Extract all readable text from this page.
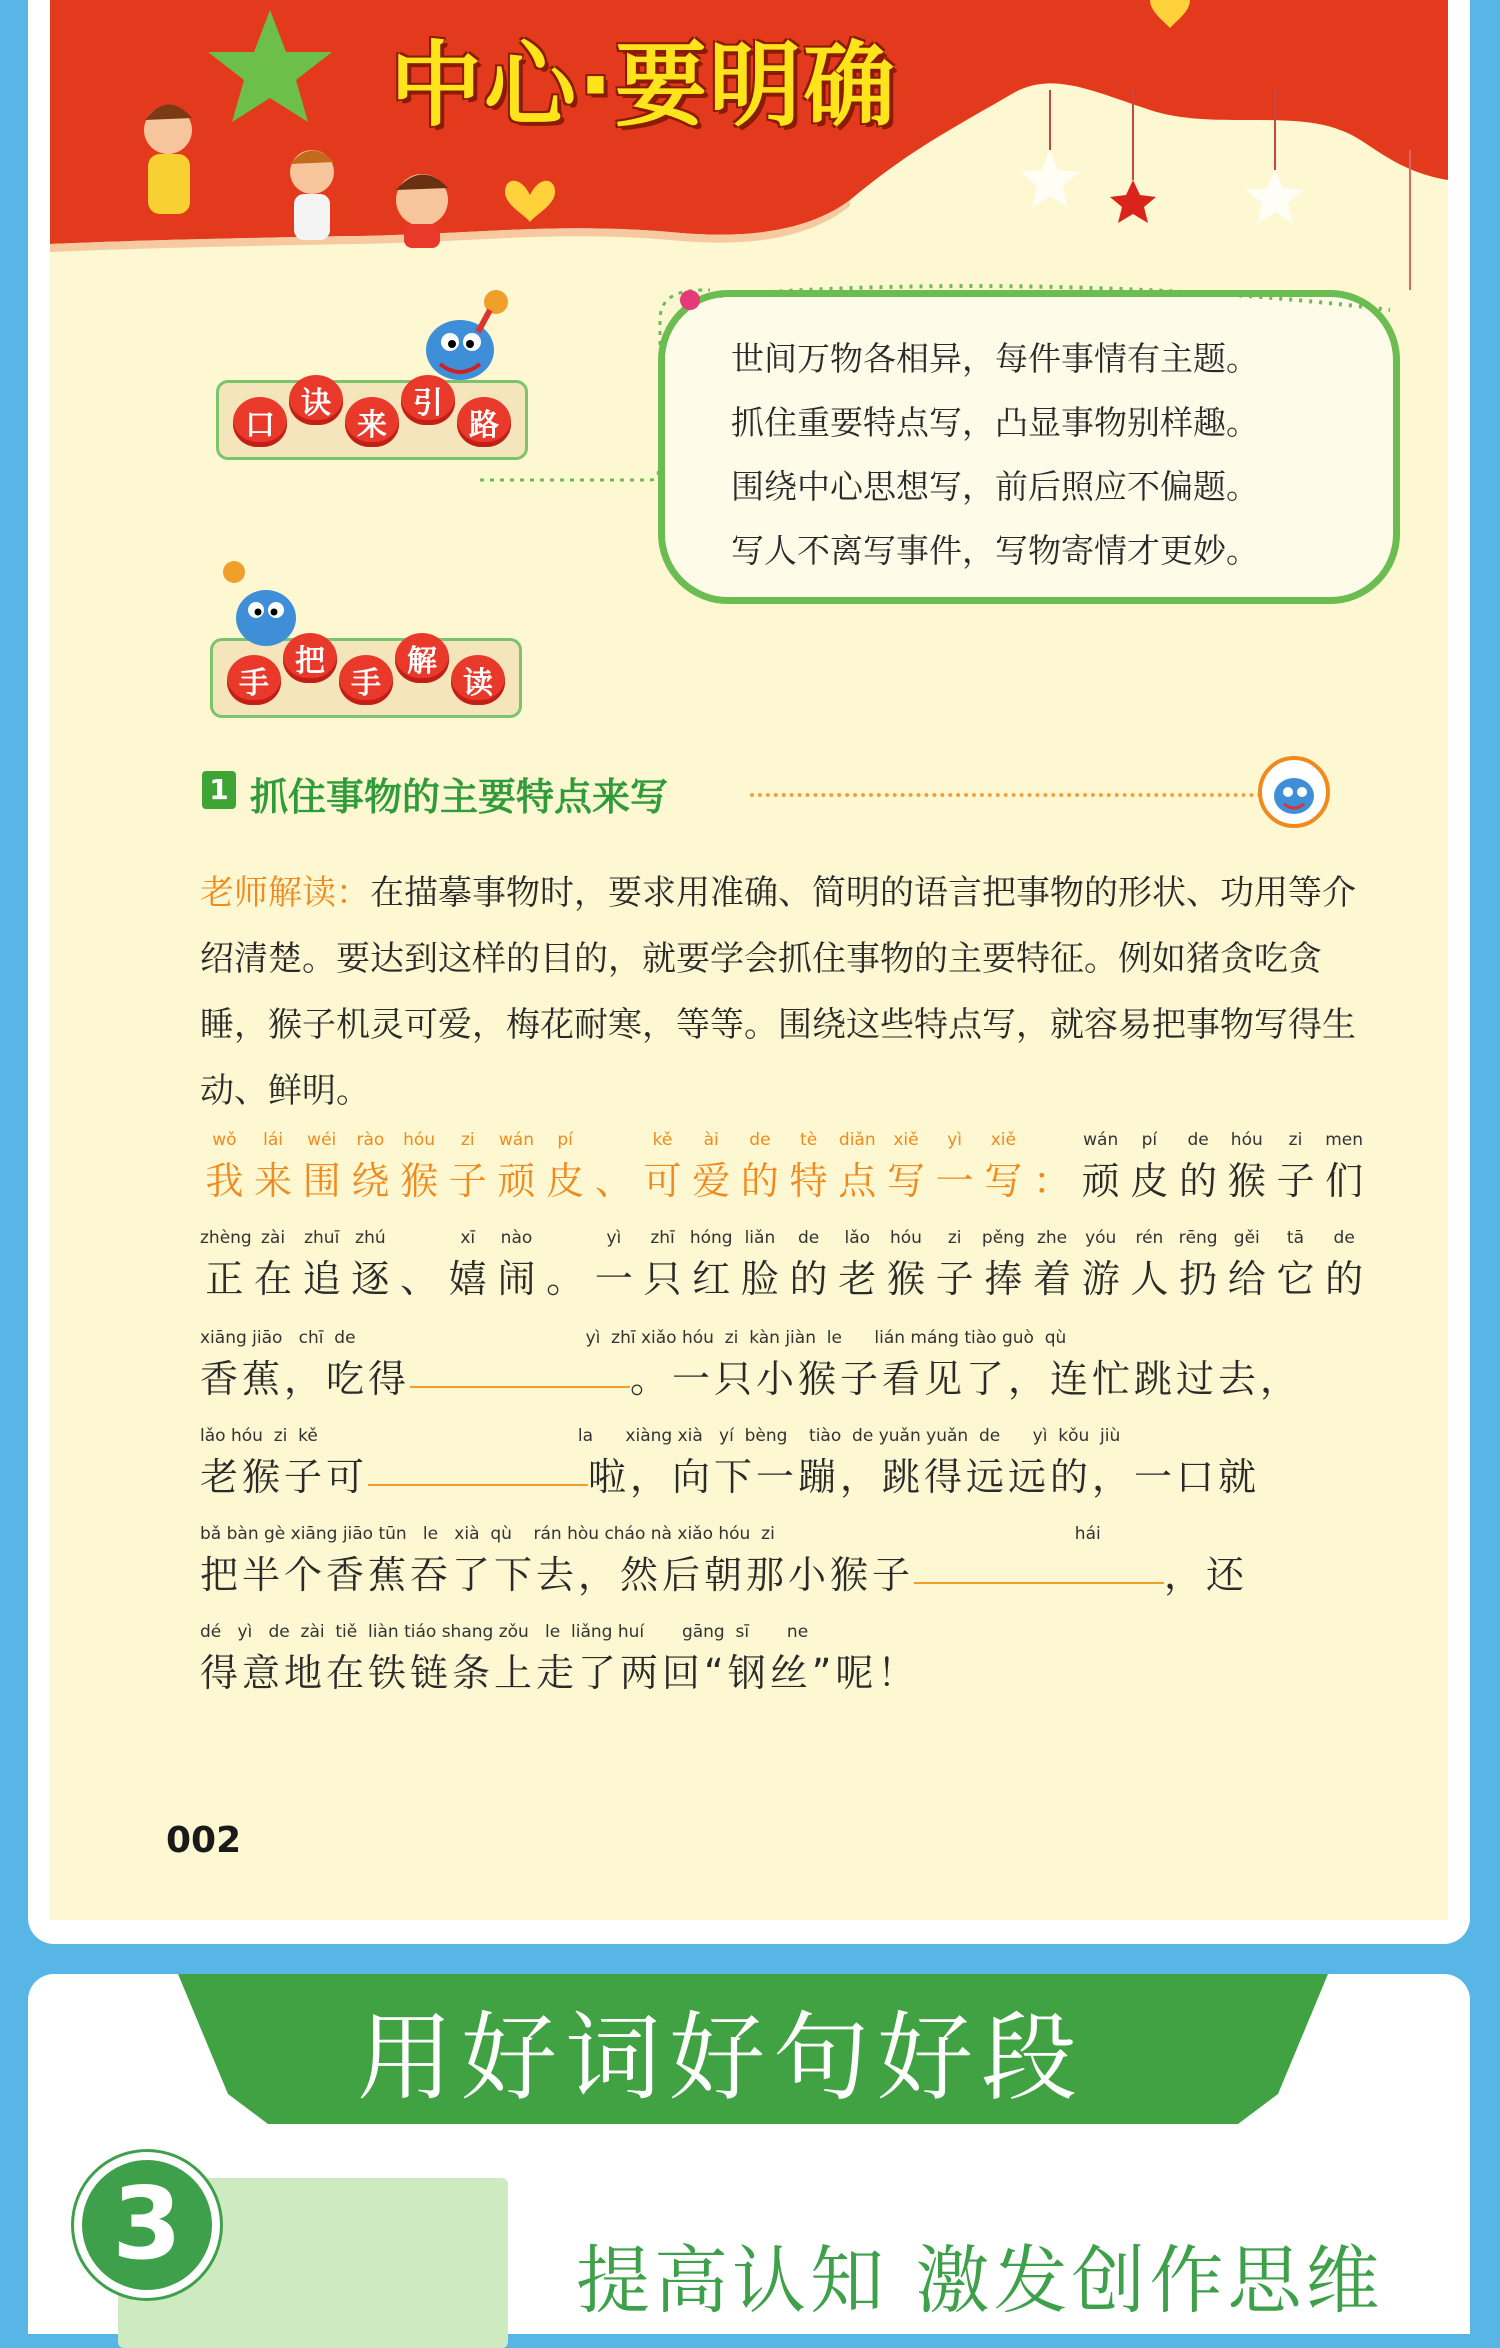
中心·要明确
口
诀
来
引
路
世间万物各相异，每件事情有主题。
抓住重要特点写，凸显事物别样趣。
围绕中心思想写，前后照应不偏题。
写人不离写事件，写物寄情才更妙。
手
把
手
解
读
1 抓住事物的主要特点来写
老师解读：在描摹事物时，要求用准确、简明的语言把事物的形状、功用等介绍清楚。要达到这样的目的，就要学会抓住事物的主要特征。例如猪贪吃贪睡，猴子机灵可爱，梅花耐寒，等等。围绕这些特点写，就容易把事物写得生动、鲜明。
wǒ	lái	wéi	rào	hóu	zi	wán	pí	kě	ài	de	tè	diǎn	xiě	yì	xiě	wán	pí	de	hóu	zi	men
我 来 围 绕 猴 子 顽 皮 、 可 爱 的 特 点 写 一 写 ： 顽 皮 的 猴 子 们
zhèng zài	zhuī zhú	xī	nào	yì	zhī hóng liǎn	de	lǎo	hóu	zi	pěng zhe	yóu	rén rēng gěi	tā	de
正 在 追 逐 、 嬉 闹 。 一 只 红 脸 的 老 猴 子 捧 着 游 人 扔 给 它 的
xiāng jiāo   chī  de	yì  zhī xiǎo hóu  zi  kàn jiàn  le      lián máng tiào guò  qù
香蕉，吃得	。一只小猴子看见了，连忙跳过去，
lǎo hóu  zi  kě	la      xiàng xià   yí  bèng    tiào  de yuǎn yuǎn  de      yì  kǒu  jiù
老猴子可	啦，向下一蹦，跳得远远的，一口就
bǎ bàn gè xiāng jiāo tūn   le   xià  qù    rán hòu cháo nà xiǎo hóu  zi	hái
把半个香蕉吞了下去，然后朝那小猴子	，还
dé   yì   de  zài  tiě  liàn tiáo shang zǒu   le  liǎng huí       gāng  sī       ne
得意地在铁链条上走了两回“钢丝”呢！
002
用好词好句好段
3	提高认知 激发创作思维
